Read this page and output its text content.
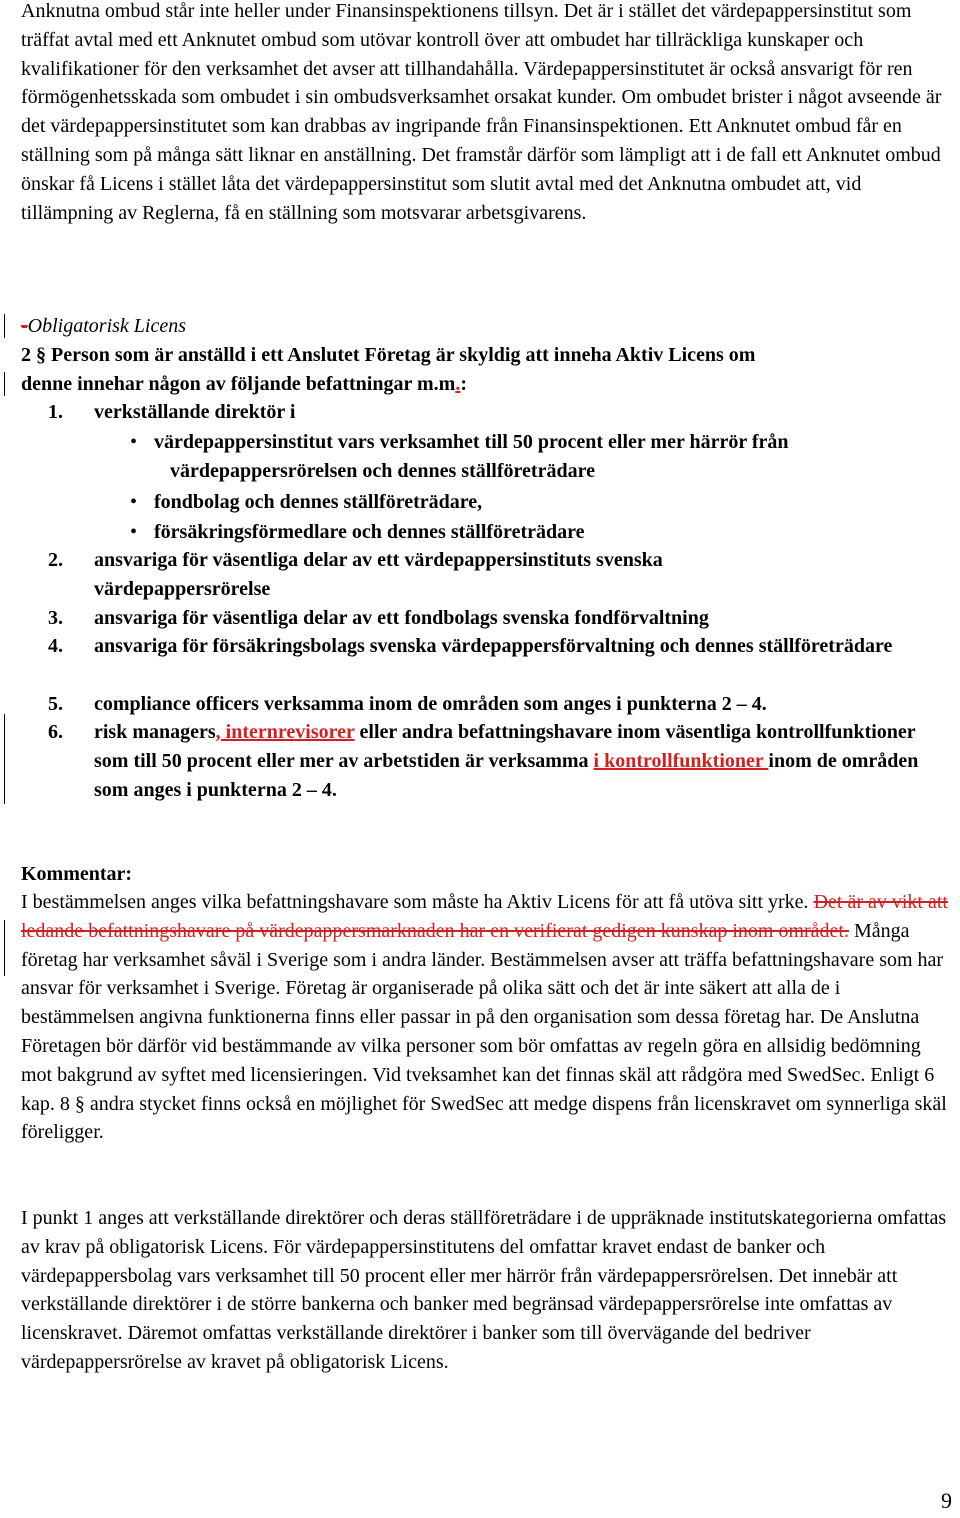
Anknutna ombud står inte heller under Finansinspektionens tillsyn. Det är i stället det värdepappersinstitut som träffat avtal med ett Anknutet ombud som utövar kontroll över att ombudet har tillräckliga kunskaper och kvalifikationer för den verksamhet det avser att tillhandahålla. Värdepappersinstitutet är också ansvarigt för ren förmögenhetsskada som ombudet i sin ombudsverksamhet orsakat kunder. Om ombudet brister i något avseende är det värdepappersinstitutet som kan drabbas av ingripande från Finansinspektionen. Ett Anknutet ombud får en ställning som på många sätt liknar en anställning. Det framstår därför som lämpligt att i de fall ett Anknutet ombud önskar få Licens i stället låta det värdepappersinstitut som slutit avtal med det Anknutna ombudet att, vid tillämpning av Reglerna, få en ställning som motsvarar arbetsgivarens.

-Obligatorisk Licens
2 § Person som är anställd i ett Anslutet Företag är skyldig att inneha Aktiv Licens om
denne innehar någon av följande befattningar m.m.:
1. verkställande direktör i
• värdepappersinstitut vars verksamhet till 50 procent eller mer härrör från
värdepappersrörelsen och dennes ställföreträdare
• fondbolag och dennes ställföreträdare,
• försäkringsförmedlare och dennes ställföreträdare
2. ansvariga för väsentliga delar av ett värdepappersinstituts svenska värdepappersrörelse
3. ansvariga för väsentliga delar av ett fondbolags svenska fondförvaltning
4. ansvariga för försäkringsbolags svenska värdepappersförvaltning och dennes ställföreträdare
5. compliance officers verksamma inom de områden som anges i punkterna 2 – 4.
6. risk managers, internrevisorer eller andra befattningshavare inom väsentliga kontrollfunktioner som till 50 procent eller mer av arbetstiden är verksamma i kontrollfunktioner inom de områden som anges i punkterna 2 – 4.
Kommentar:

I bestämmelsen anges vilka befattningshavare som måste ha Aktiv Licens för att få utöva sitt yrke. Det är av vikt att ledande befattningshavare på värdepappersmarknaden har en verifierat gedigen kunskap inom området. Många företag har verksamhet såväl i Sverige som i andra länder. Bestämmelsen avser att träffa befattningshavare som har ansvar för verksamhet i Sverige. Företag är organiserade på olika sätt och det är inte säkert att alla de i bestämmelsen angivna funktionerna finns eller passar in på den organisation som dessa företag har. De Anslutna Företagen bör därför vid bestämmande av vilka personer som bör omfattas av regeln göra en allsidig bedömning mot bakgrund av syftet med licensieringen. Vid tveksamhet kan det finnas skäl att rådgöra med SwedSec. Enligt 6 kap. 8 § andra stycket finns också en möjlighet för SwedSec att medge dispens från licenskravet om synnerliga skäl föreligger.

I punkt 1 anges att verkställande direktörer och deras ställföreträdare i de uppräknade institutskategorierna omfattas av krav på obligatorisk Licens. För värdepappersinstitutens del omfattar kravet endast de banker och värdepappersbolag vars verksamhet till 50 procent eller mer härrör från värdepappersrörelsen. Det innebär att verkställande direktörer i de större bankerna och banker med begränsad värdepappersrörelse inte omfattas av licenskravet. Däremot omfattas verkställande direktörer i banker som till övervägande del bedriver värdepappersrörelse av kravet på obligatorisk Licens.

9
